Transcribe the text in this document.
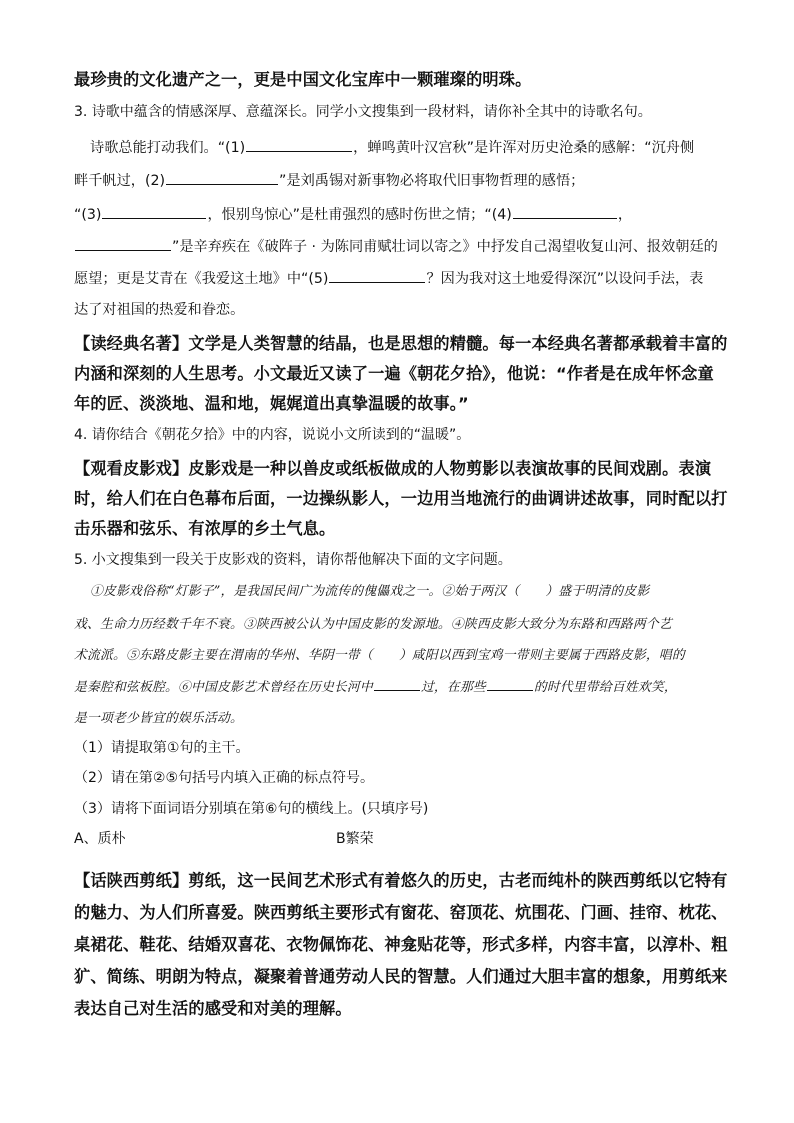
最珍贵的文化遗产之一，更是中国文化宝库中一颗璀璨的明珠。
3. 诗歌中蕴含的情感深厚、意蕴深长。同学小文搜集到一段材料，请你补全其中的诗歌名句。
诗歌总能打动我们。“(1)	，蝉鸣黄叶汉宫秋”是许浑对历史沧桑的感解：“沉舟侧
畔千帆过，(2)	”是刘禹锡对新事物必将取代旧事物哲理的感悟；
“(3)	，恨别鸟惊心”是杜甫强烈的感时伤世之情；“(4)	，
”是辛弃疾在《破阵子 · 为陈同甫赋壮词以寄之》中抒发自己渴望收复山河、报效朝廷的
愿望；更是艾青在《我爱这土地》中“(5)	？因为我对这土地爱得深沉”以设问手法，表
达了对祖国的热爱和眷恋。
【读经典名著】文学是人类智慧的结晶，也是思想的精髓。每一本经典名著都承载着丰富的
内涵和深刻的人生思考。小文最近又读了一遍《朝花夕拾》，他说：“作者是在成年怀念童
年的匠、淡淡地、温和地，娓娓道出真挚温暖的故事。”
4. 请你结合《朝花夕拾》中的内容，说说小文所读到的“温暖”。
【观看皮影戏】皮影戏是一种以兽皮或纸板做成的人物剪影以表演故事的民间戏剧。表演
时，给人们在白色幕布后面，一边操纵影人，一边用当地流行的曲调讲述故事，同时配以打
击乐器和弦乐、有浓厚的乡土气息。
5. 小文搜集到一段关于皮影戏的资料，请你帮他解决下面的文字问题。
①皮影戏俗称“灯影子”，是我国民间广为流传的傀儡戏之一。②始于两汉（ ）盛于明清的皮影
戏、生命力历经数千年不衰。③陕西被公认为中国皮影的发源地。④陕西皮影大致分为东路和西路两个艺
术流派。⑤东路皮影主要在渭南的华州、华阴一带（ ）咸阳以西到宝鸡一带则主要属于西路皮影，唱的
是秦腔和弦板腔。⑥中国皮影艺术曾经在历史长河中	过，在那些	的时代里带给百姓欢笑，
是一项老少皆宜的娱乐活动。
（1）请提取第①句的主干。
（2）请在第②⑤句括号内填入正确的标点符号。
（3）请将下面词语分别填在第⑥句的横线上。(只填序号)
A、质朴	B繁荣
【话陕西剪纸】剪纸，这一民间艺术形式有着悠久的历史，古老而纯朴的陕西剪纸以它特有
的魅力、为人们所喜爱。陕西剪纸主要形式有窗花、窑顶花、炕围花、门画、挂帘、枕花、
桌裙花、鞋花、结婚双喜花、衣物佩饰花、神龛贴花等，形式多样，内容丰富，以淳朴、粗
犷、简练、明朗为特点，凝聚着普通劳动人民的智慧。人们通过大胆丰富的想象，用剪纸来
表达自己对生活的感受和对美的理解。
